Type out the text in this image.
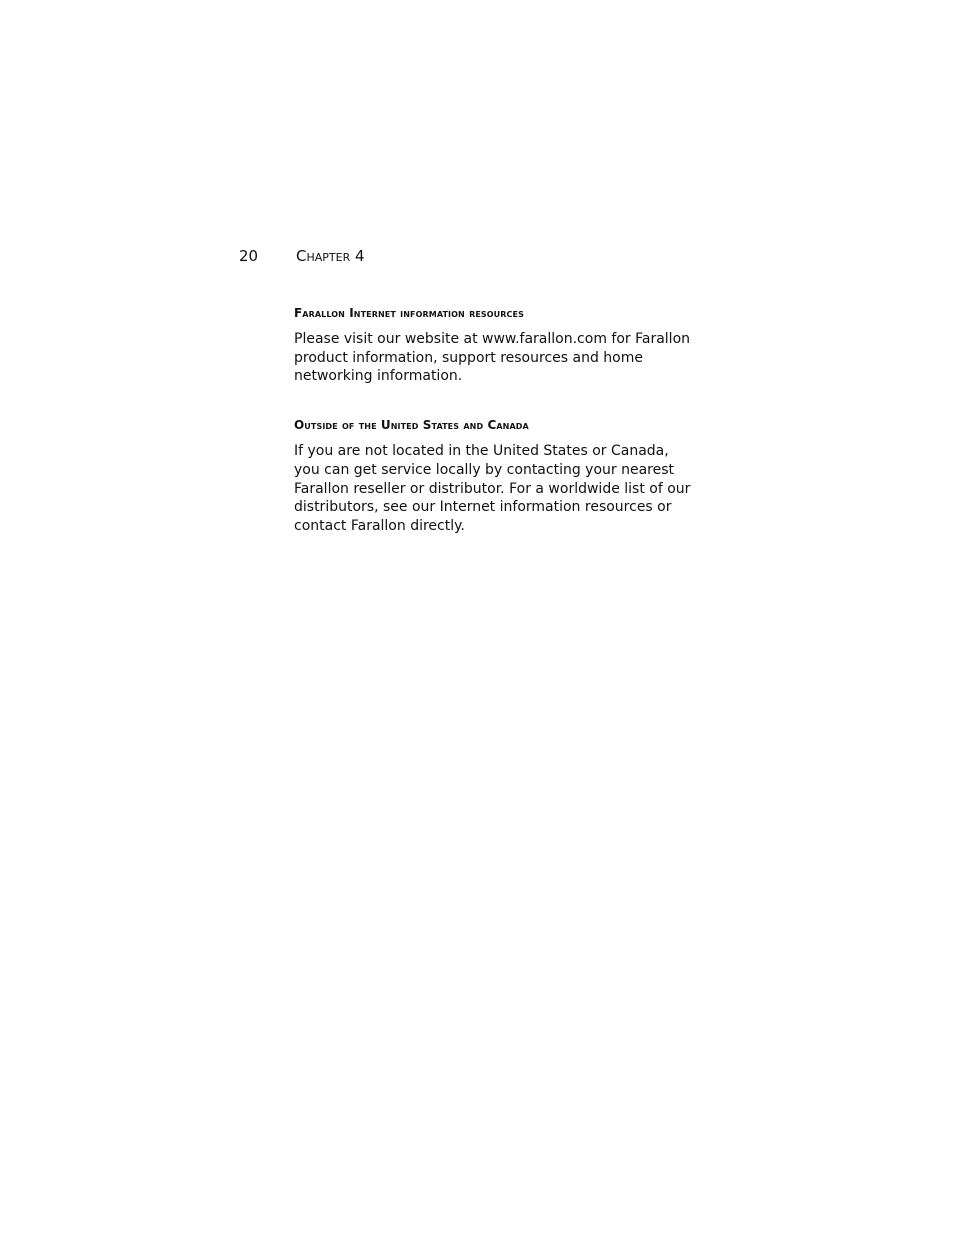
20	Chapter 4
Farallon Internet information resources

Please visit our website at www.farallon.com for Farallon product information, support resources and home networking information.

Outside of the United States and Canada

If you are not located in the United States or Canada, you can get service locally by contacting your nearest Farallon reseller or distributor. For a worldwide list of our distributors, see our Internet information resources or contact Farallon directly.
